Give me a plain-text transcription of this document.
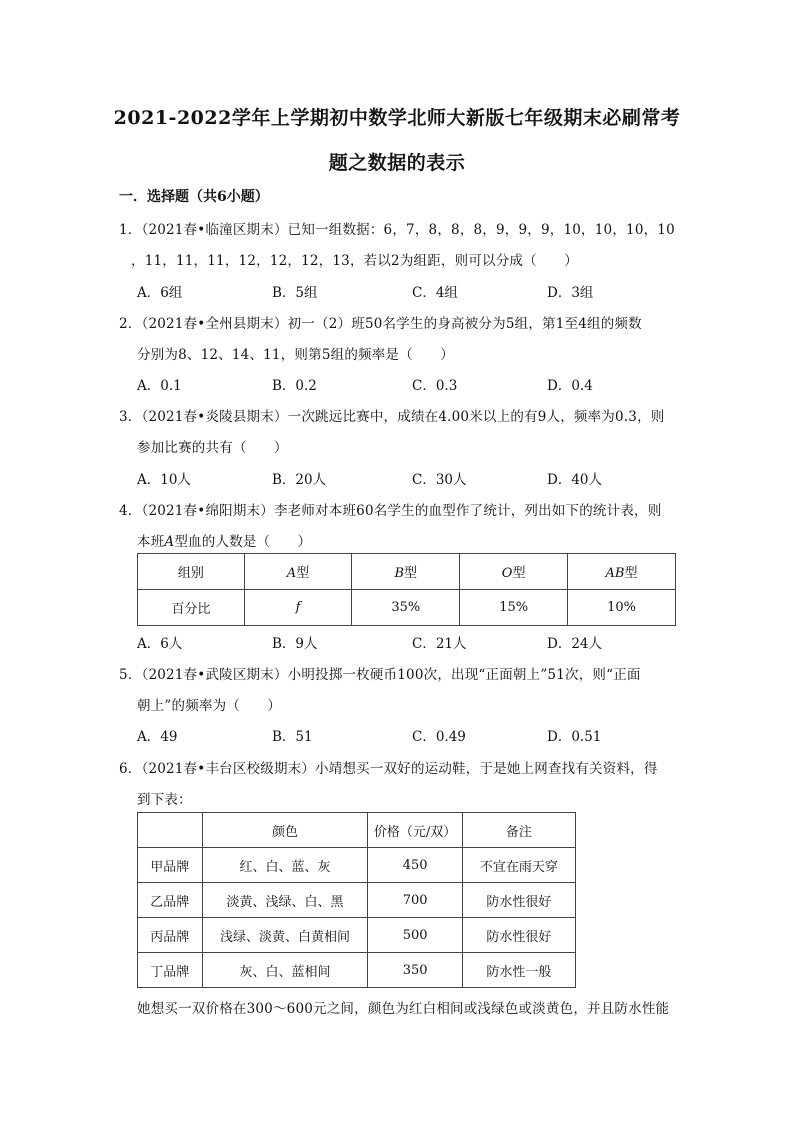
2021-2022学年上学期初中数学北师大新版七年级期末必刷常考
题之数据的表示
一．选择题（共6小题）
1．（2021春•临潼区期末）已知一组数据：6，7，8，8，8，9，9，9，10，10，10，10
，11，11，11，12，12，12，13，若以2为组距，则可以分成（　　）
A．6组	B．5组	C．4组	D．3组
2．（2021春•全州县期末）初一（2）班50名学生的身高被分为5组，第1至4组的频数
分别为8、12、14、11，则第5组的频率是（　　）
A．0.1	B．0.2	C．0.3	D．0.4
3．（2021春•炎陵县期末）一次跳远比赛中，成绩在4.00米以上的有9人，频率为0.3，则
参加比赛的共有（　　）
A．10人	B．20人	C．30人	D．40人
4．（2021春•绵阳期末）李老师对本班60名学生的血型作了统计，列出如下的统计表，则
本班A型血的人数是（　　）
组别	A型	B型	O型	AB型
百分比	f	35%	15%	10%
A．6人	B．9人	C．21人	D．24人
5．（2021春•武陵区期末）小明投掷一枚硬币100次，出现“正面朝上”51次，则“正面
朝上”的频率为（　　）
A．49	B．51	C．0.49	D．0.51
6．（2021春•丰台区校级期末）小靖想买一双好的运动鞋，于是她上网查找有关资料，得
到下表：
	颜色	价格（元/双）	备注
甲品牌	红、白、蓝、灰	450	不宜在雨天穿
乙品牌	淡黄、浅绿、白、黑	700	防水性很好
丙品牌	浅绿、淡黄、白黄相间	500	防水性很好
丁品牌	灰、白、蓝相间	350	防水性一般
她想买一双价格在300～600元之间，颜色为红白相间或浅绿色或淡黄色，并且防水性能
